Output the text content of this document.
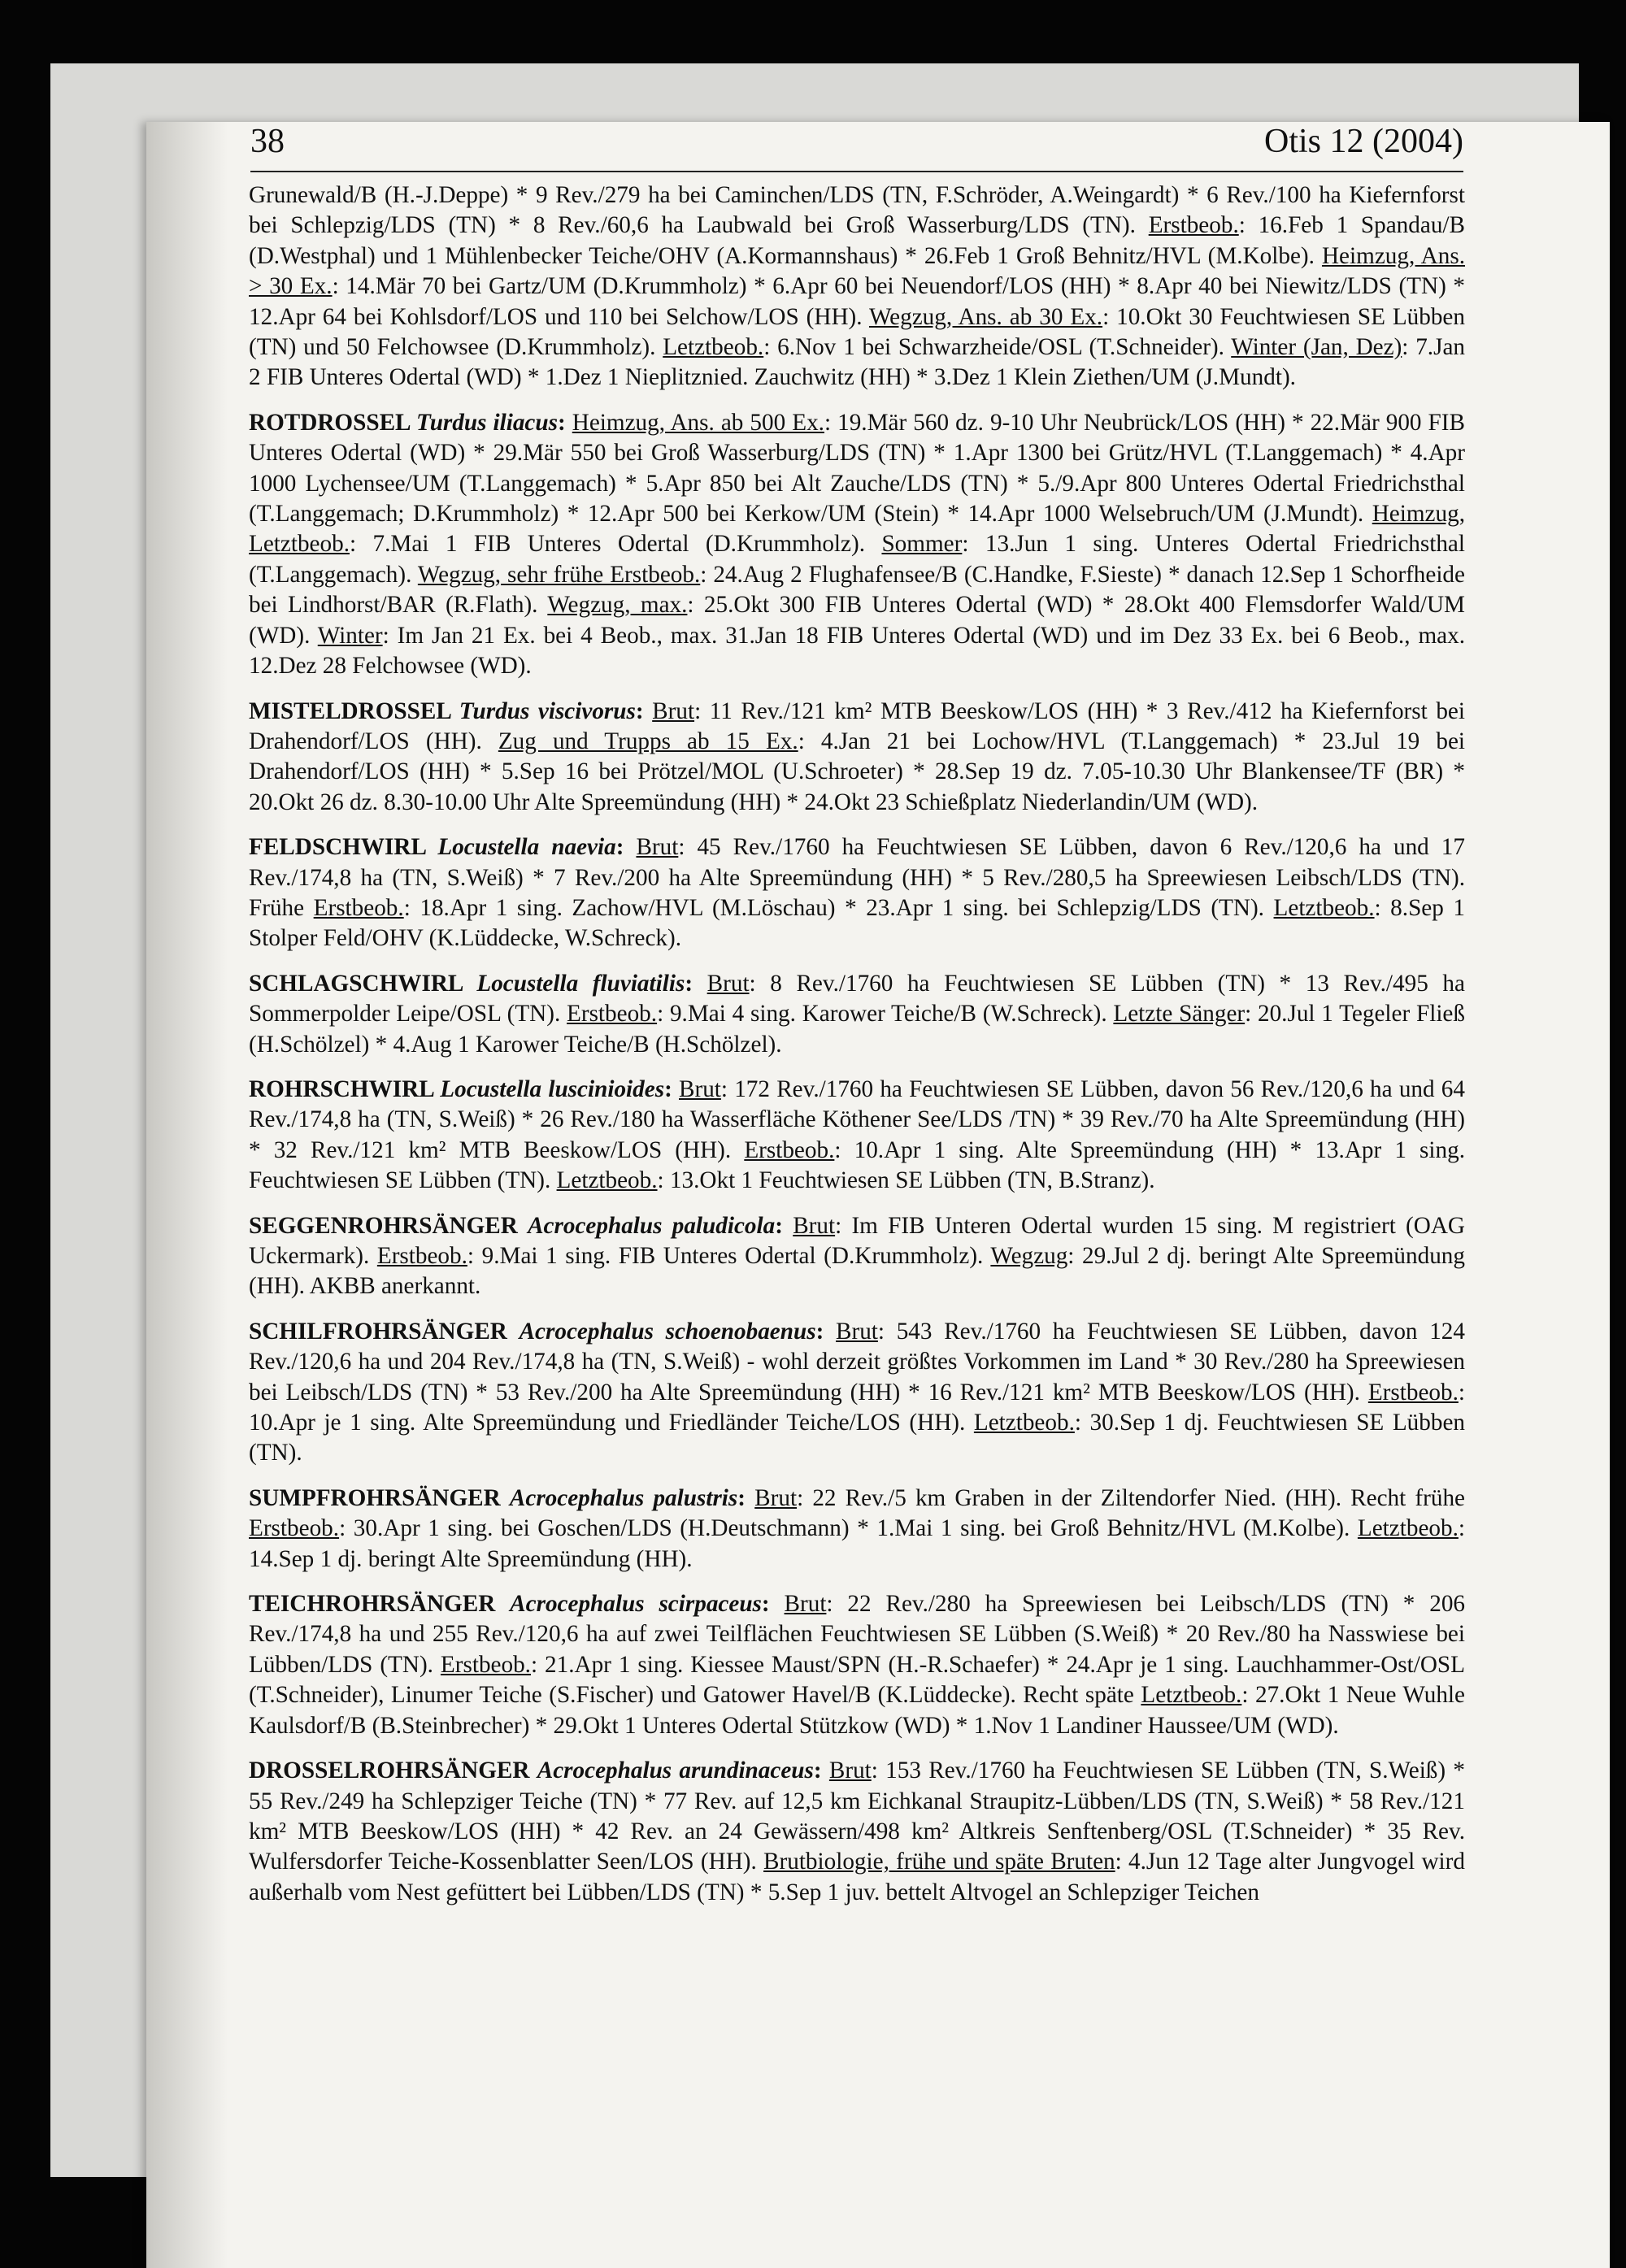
38	Otis 12 (2004)

Grunewald/B (H.-J.Deppe) * 9 Rev./279 ha bei Caminchen/LDS (TN, F.Schröder, A.Weingardt) * 6 Rev./100 ha Kiefernforst bei Schlepzig/LDS (TN) * 8 Rev./60,6 ha Laubwald bei Groß Wasserburg/LDS (TN). Erstbeob.: 16.Feb 1 Spandau/B (D.Westphal) und 1 Mühlenbecker Teiche/OHV (A.Kormannshaus) * 26.Feb 1 Groß Behnitz/HVL (M.Kolbe). Heimzug, Ans. > 30 Ex.: 14.Mär 70 bei Gartz/UM (D.Krummholz) * 6.Apr 60 bei Neuendorf/LOS (HH) * 8.Apr 40 bei Niewitz/LDS (TN) * 12.Apr 64 bei Kohlsdorf/LOS und 110 bei Selchow/LOS (HH). Wegzug, Ans. ab 30 Ex.: 10.Okt 30 Feuchtwiesen SE Lübben (TN) und 50 Felchowsee (D.Krummholz). Letztbeob.: 6.Nov 1 bei Schwarzheide/OSL (T.Schneider). Winter (Jan, Dez): 7.Jan 2 FIB Unteres Odertal (WD) * 1.Dez 1 Nieplitznied. Zauchwitz (HH) * 3.Dez 1 Klein Ziethen/UM (J.Mundt).

ROTDROSSEL Turdus iliacus: Heimzug, Ans. ab 500 Ex.: 19.Mär 560 dz. 9-10 Uhr Neubrück/LOS (HH) * 22.Mär 900 FIB Unteres Odertal (WD) * 29.Mär 550 bei Groß Wasserburg/LDS (TN) * 1.Apr 1300 bei Grütz/HVL (T.Langgemach) * 4.Apr 1000 Lychensee/UM (T.Langgemach) * 5.Apr 850 bei Alt Zauche/LDS (TN) * 5./9.Apr 800 Unteres Odertal Friedrichsthal (T.Langgemach; D.Krummholz) * 12.Apr 500 bei Kerkow/UM (Stein) * 14.Apr 1000 Welsebruch/UM (J.Mundt). Heimzug, Letztbeob.: 7.Mai 1 FIB Unteres Odertal (D.Krummholz). Sommer: 13.Jun 1 sing. Unteres Odertal Friedrichsthal (T.Langgemach). Wegzug, sehr frühe Erstbeob.: 24.Aug 2 Flughafensee/B (C.Handke, F.Sieste) * danach 12.Sep 1 Schorfheide bei Lindhorst/BAR (R.Flath). Wegzug, max.: 25.Okt 300 FIB Unteres Odertal (WD) * 28.Okt 400 Flemsdorfer Wald/UM (WD). Winter: Im Jan 21 Ex. bei 4 Beob., max. 31.Jan 18 FIB Unteres Odertal (WD) und im Dez 33 Ex. bei 6 Beob., max. 12.Dez 28 Felchowsee (WD).

MISTELDROSSEL Turdus viscivorus: Brut: 11 Rev./121 km² MTB Beeskow/LOS (HH) * 3 Rev./412 ha Kiefernforst bei Drahendorf/LOS (HH). Zug und Trupps ab 15 Ex.: 4.Jan 21 bei Lochow/HVL (T.Langgemach) * 23.Jul 19 bei Drahendorf/LOS (HH) * 5.Sep 16 bei Prötzel/MOL (U.Schroeter) * 28.Sep 19 dz. 7.05-10.30 Uhr Blankensee/TF (BR) * 20.Okt 26 dz. 8.30-10.00 Uhr Alte Spreemündung (HH) * 24.Okt 23 Schießplatz Niederlandin/UM (WD).

FELDSCHWIRL Locustella naevia: Brut: 45 Rev./1760 ha Feuchtwiesen SE Lübben, davon 6 Rev./120,6 ha und 17 Rev./174,8 ha (TN, S.Weiß) * 7 Rev./200 ha Alte Spreemündung (HH) * 5 Rev./280,5 ha Spreewiesen Leibsch/LDS (TN). Frühe Erstbeob.: 18.Apr 1 sing. Zachow/HVL (M.Löschau) * 23.Apr 1 sing. bei Schlepzig/LDS (TN). Letztbeob.: 8.Sep 1 Stolper Feld/OHV (K.Lüddecke, W.Schreck).

SCHLAGSCHWIRL Locustella fluviatilis: Brut: 8 Rev./1760 ha Feuchtwiesen SE Lübben (TN) * 13 Rev./495 ha Sommerpolder Leipe/OSL (TN). Erstbeob.: 9.Mai 4 sing. Karower Teiche/B (W.Schreck). Letzte Sänger: 20.Jul 1 Tegeler Fließ (H.Schölzel) * 4.Aug 1 Karower Teiche/B (H.Schölzel).

ROHRSCHWIRL Locustella luscinioides: Brut: 172 Rev./1760 ha Feuchtwiesen SE Lübben, davon 56 Rev./120,6 ha und 64 Rev./174,8 ha (TN, S.Weiß) * 26 Rev./180 ha Wasserfläche Köthener See/LDS /TN) * 39 Rev./70 ha Alte Spreemündung (HH) * 32 Rev./121 km² MTB Beeskow/LOS (HH). Erstbeob.: 10.Apr 1 sing. Alte Spreemündung (HH) * 13.Apr 1 sing. Feuchtwiesen SE Lübben (TN). Letztbeob.: 13.Okt 1 Feuchtwiesen SE Lübben (TN, B.Stranz).

SEGGENROHRSÄNGER Acrocephalus paludicola: Brut: Im FIB Unteren Odertal wurden 15 sing. M registriert (OAG Uckermark). Erstbeob.: 9.Mai 1 sing. FIB Unteres Odertal (D.Krummholz). Wegzug: 29.Jul 2 dj. beringt Alte Spreemündung (HH). AKBB anerkannt.

SCHILFROHRSÄNGER Acrocephalus schoenobaenus: Brut: 543 Rev./1760 ha Feuchtwiesen SE Lübben, davon 124 Rev./120,6 ha und 204 Rev./174,8 ha (TN, S.Weiß) - wohl derzeit größtes Vorkommen im Land * 30 Rev./280 ha Spreewiesen bei Leibsch/LDS (TN) * 53 Rev./200 ha Alte Spreemündung (HH) * 16 Rev./121 km² MTB Beeskow/LOS (HH). Erstbeob.: 10.Apr je 1 sing. Alte Spreemündung und Friedländer Teiche/LOS (HH). Letztbeob.: 30.Sep 1 dj. Feuchtwiesen SE Lübben (TN).

SUMPFROHRSÄNGER Acrocephalus palustris: Brut: 22 Rev./5 km Graben in der Ziltendorfer Nied. (HH). Recht frühe Erstbeob.: 30.Apr 1 sing. bei Goschen/LDS (H.Deutschmann) * 1.Mai 1 sing. bei Groß Behnitz/HVL (M.Kolbe). Letztbeob.: 14.Sep 1 dj. beringt Alte Spreemündung (HH).

TEICHROHRSÄNGER Acrocephalus scirpaceus: Brut: 22 Rev./280 ha Spreewiesen bei Leibsch/LDS (TN) * 206 Rev./174,8 ha und 255 Rev./120,6 ha auf zwei Teilflächen Feuchtwiesen SE Lübben (S.Weiß) * 20 Rev./80 ha Nasswiese bei Lübben/LDS (TN). Erstbeob.: 21.Apr 1 sing. Kiessee Maust/SPN (H.-R.Schaefer) * 24.Apr je 1 sing. Lauchhammer-Ost/OSL (T.Schneider), Linumer Teiche (S.Fischer) und Gatower Havel/B (K.Lüddecke). Recht späte Letztbeob.: 27.Okt 1 Neue Wuhle Kaulsdorf/B (B.Steinbrecher) * 29.Okt 1 Unteres Odertal Stützkow (WD) * 1.Nov 1 Landiner Haussee/UM (WD).

DROSSELROHRSÄNGER Acrocephalus arundinaceus: Brut: 153 Rev./1760 ha Feuchtwiesen SE Lübben (TN, S.Weiß) * 55 Rev./249 ha Schlepziger Teiche (TN) * 77 Rev. auf 12,5 km Eichkanal Straupitz-Lübben/LDS (TN, S.Weiß) * 58 Rev./121 km² MTB Beeskow/LOS (HH) * 42 Rev. an 24 Gewässern/498 km² Altkreis Senftenberg/OSL (T.Schneider) * 35 Rev. Wulfersdorfer Teiche-Kossenblatter Seen/LOS (HH). Brutbiologie, frühe und späte Bruten: 4.Jun 12 Tage alter Jungvogel wird außerhalb vom Nest gefüttert bei Lübben/LDS (TN) * 5.Sep 1 juv. bettelt Altvogel an Schlepziger Teichen
